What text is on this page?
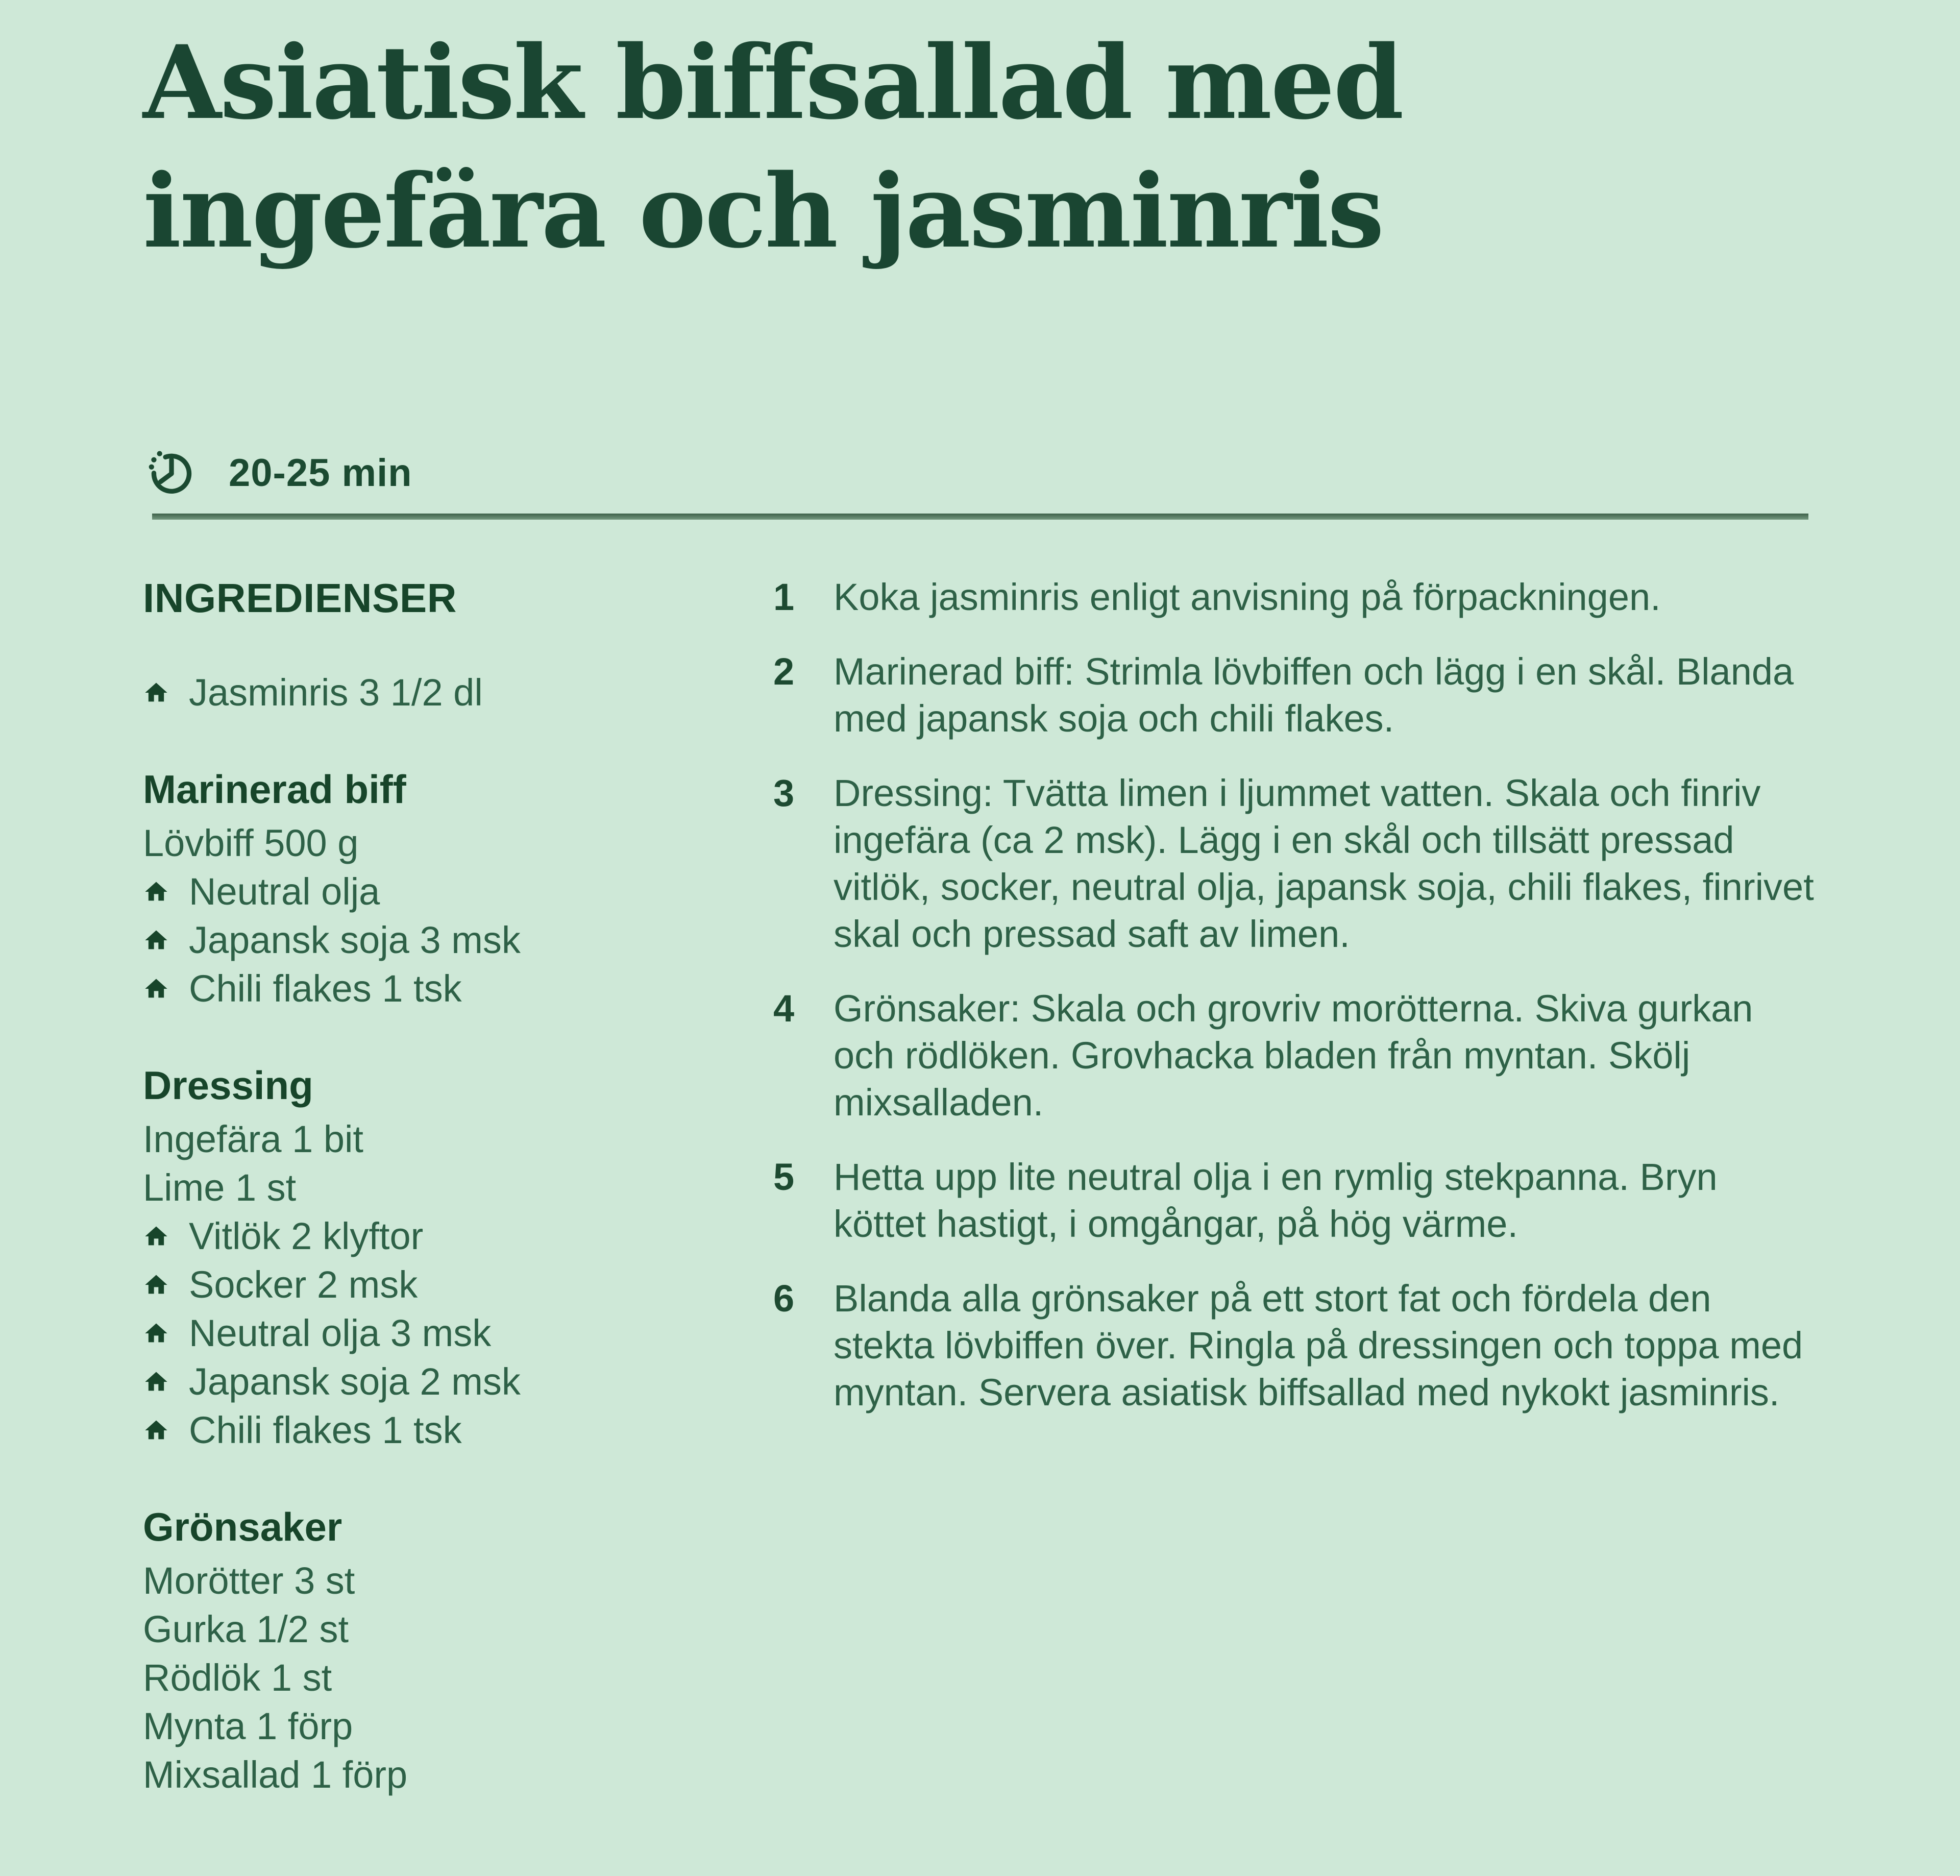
Asiatisk biffsallad med
ingefära och jasminris
20-25 min
INGREDIENSER
Jasminris 3 1/2 dl
Marinerad biff
Lövbiff 500 g
Neutral olja
Japansk soja 3 msk
Chili flakes 1 tsk
Dressing
Ingefära 1 bit
Lime 1 st
Vitlök 2 klyftor
Socker 2 msk
Neutral olja 3 msk
Japansk soja 2 msk
Chili flakes 1 tsk
Grönsaker
Morötter 3 st
Gurka 1/2 st
Rödlök 1 st
Mynta 1 förp
Mixsallad 1 förp
1	Koka jasminris enligt anvisning på förpackningen.

2	Marinerad biff: Strimla lövbiffen och lägg i en skål. Blanda med japansk soja och chili flakes.

3	Dressing: Tvätta limen i ljummet vatten. Skala och finriv ingefära (ca 2 msk). Lägg i en skål och tillsätt pressad vitlök, socker, neutral olja, japansk soja, chili flakes, finrivet skal och pressad saft av limen.

4	Grönsaker: Skala och grovriv morötterna. Skiva gurkan och rödlöken. Grovhacka bladen från myntan. Skölj mixsalladen.

5	Hetta upp lite neutral olja i en rymlig stekpanna. Bryn köttet hastigt, i omgångar, på hög värme.

6	Blanda alla grönsaker på ett stort fat och fördela den stekta lövbiffen över. Ringla på dressingen och toppa med myntan. Servera asiatisk biffsallad med nykokt jasminris.
